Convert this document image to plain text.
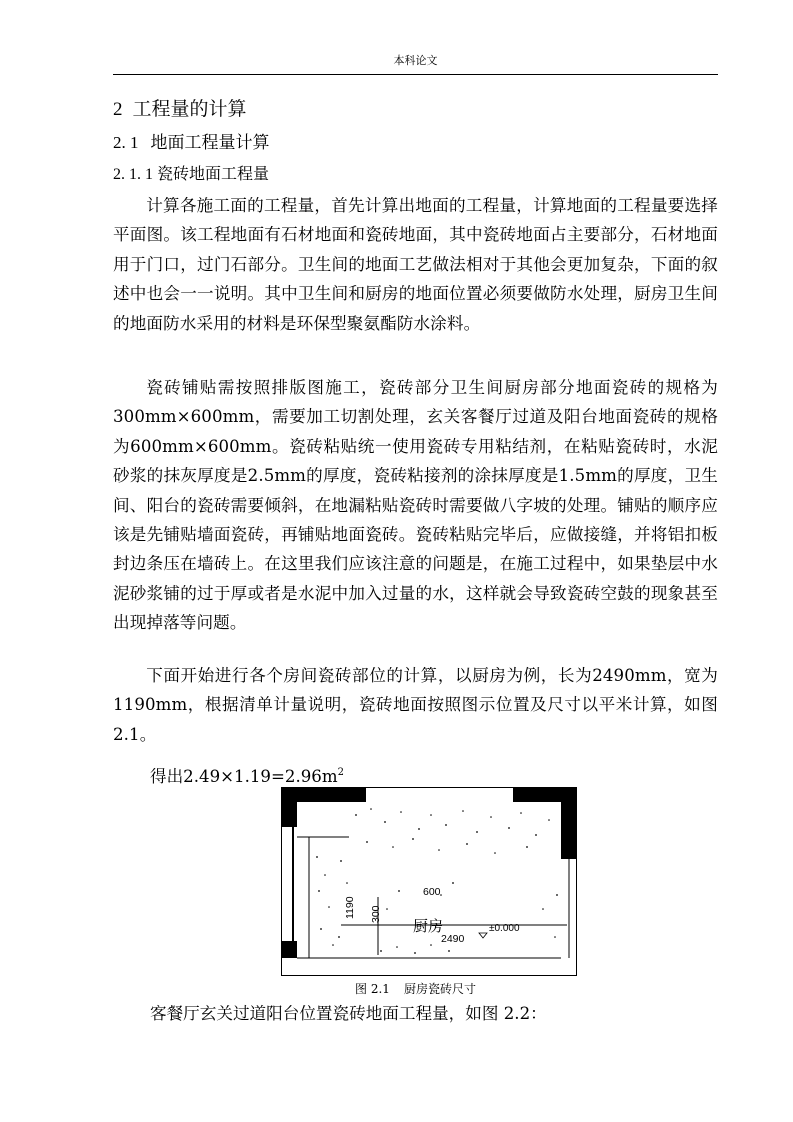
本科论文
2 工程量的计算
2. 1 地面工程量计算
2. 1. 1 瓷砖地面工程量

计算各施工面的工程量，首先计算出地面的工程量，计算地面的工程量要选择平面图。该工程地面有石材地面和瓷砖地面，其中瓷砖地面占主要部分，石材地面用于门口，过门石部分。卫生间的地面工艺做法相对于其他会更加复杂，下面的叙述中也会一一说明。其中卫生间和厨房的地面位置必须要做防水处理，厨房卫生间的地面防水采用的材料是环保型聚氨酯防水涂料。

瓷砖铺贴需按照排版图施工，瓷砖部分卫生间厨房部分地面瓷砖的规格为300mm×600mm，需要加工切割处理，玄关客餐厅过道及阳台地面瓷砖的规格为600mm×600mm。瓷砖粘贴统一使用瓷砖专用粘结剂，在粘贴瓷砖时，水泥砂浆的抹灰厚度是2.5mm的厚度，瓷砖粘接剂的涂抹厚度是1.5mm的厚度，卫生间、阳台的瓷砖需要倾斜，在地漏粘贴瓷砖时需要做八字坡的处理。铺贴的顺序应该是先铺贴墙面瓷砖，再铺贴地面瓷砖。瓷砖粘贴完毕后，应做接缝，并将铝扣板封边条压在墙砖上。在这里我们应该注意的问题是，在施工过程中，如果垫层中水泥砂浆铺的过于厚或者是水泥中加入过量的水，这样就会导致瓷砖空鼓的现象甚至出现掉落等问题。

下面开始进行各个房间瓷砖部位的计算，以厨房为例，长为2490mm，宽为1190mm，根据清单计量说明，瓷砖地面按照图示位置及尺寸以平米计算，如图2.1。

得出$2.49\times 1.19=2.96m^2$
600
1190 300
厨房
2490
±0.000
图 2.1 厨房瓷砖尺寸
客餐厅玄关过道阳台位置瓷砖地面工程量，如图 2.2：
